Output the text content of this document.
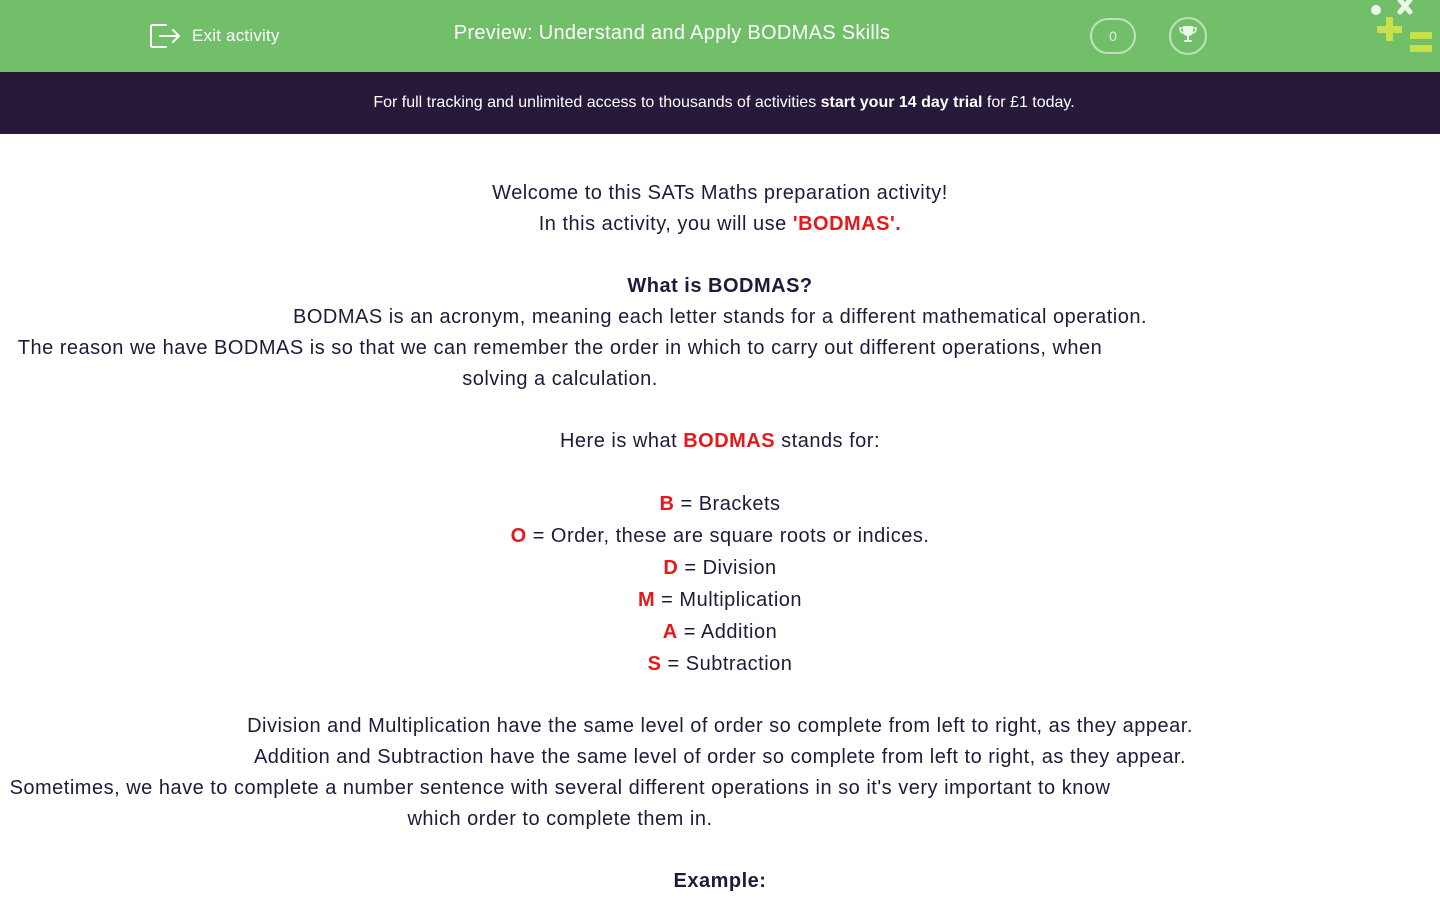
Exit activity	Preview: Understand and Apply BODMAS Skills	0
For full tracking and unlimited access to thousands of activities start your 14 day trial for £1 today.

Welcome to this SATs Maths preparation activity!

In this activity, you will use 'BODMAS'.

What is BODMAS?

BODMAS is an acronym, meaning each letter stands for a different mathematical operation.

The reason we have BODMAS is so that we can remember the order in which to carry out different operations, when solving a calculation.

Here is what BODMAS stands for:

B = Brackets

O = Order, these are square roots or indices.

D = Division

M = Multiplication

A = Addition

S = Subtraction

Division and Multiplication have the same level of order so complete from left to right, as they appear.

Addition and Subtraction have the same level of order so complete from left to right, as they appear.

Sometimes, we have to complete a number sentence with several different operations in so it's very important to know which order to complete them in.

Example:
